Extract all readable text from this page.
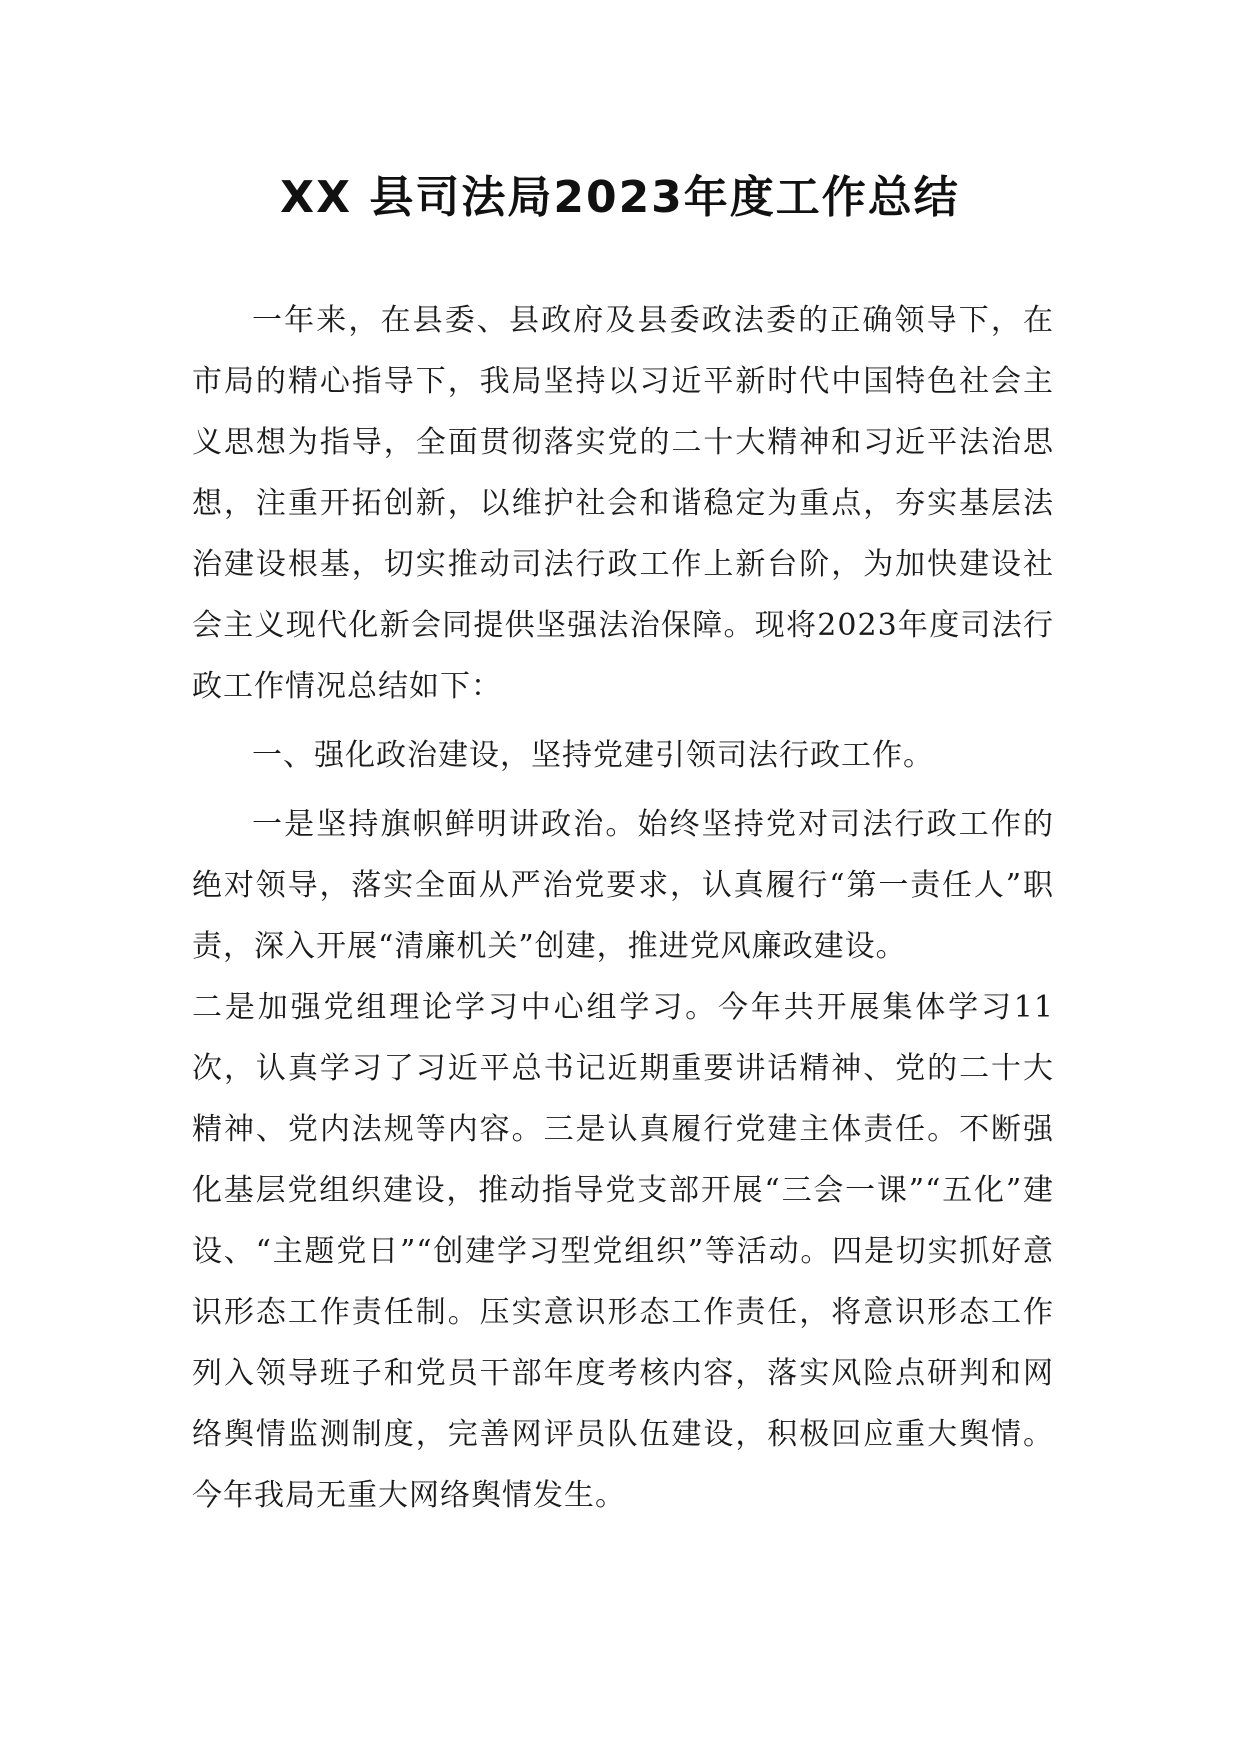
XX 县司法局2023年度工作总结

一年来，在县委、县政府及县委政法委的正确领导下，在市局的精心指导下，我局坚持以习近平新时代中国特色社会主义思想为指导，全面贯彻落实党的二十大精神和习近平法治思想，注重开拓创新，以维护社会和谐稳定为重点，夯实基层法治建设根基，切实推动司法行政工作上新台阶，为加快建设社会主义现代化新会同提供坚强法治保障。现将2023年度司法行政工作情况总结如下：

一、强化政治建设，坚持党建引领司法行政工作。

一是坚持旗帜鲜明讲政治。始终坚持党对司法行政工作的绝对领导，落实全面从严治党要求，认真履行“第一责任人”职责，深入开展“清廉机关”创建，推进党风廉政建设。

二是加强党组理论学习中心组学习。今年共开展集体学习11次，认真学习了习近平总书记近期重要讲话精神、党的二十大精神、党内法规等内容。三是认真履行党建主体责任。不断强化基层党组织建设，推动指导党支部开展“三会一课”“五化”建设、“主题党日”“创建学习型党组织”等活动。四是切实抓好意识形态工作责任制。压实意识形态工作责任，将意识形态工作列入领导班子和党员干部年度考核内容，落实风险点研判和网络舆情监测制度，完善网评员队伍建设，积极回应重大舆情。今年我局无重大网络舆情发生。
